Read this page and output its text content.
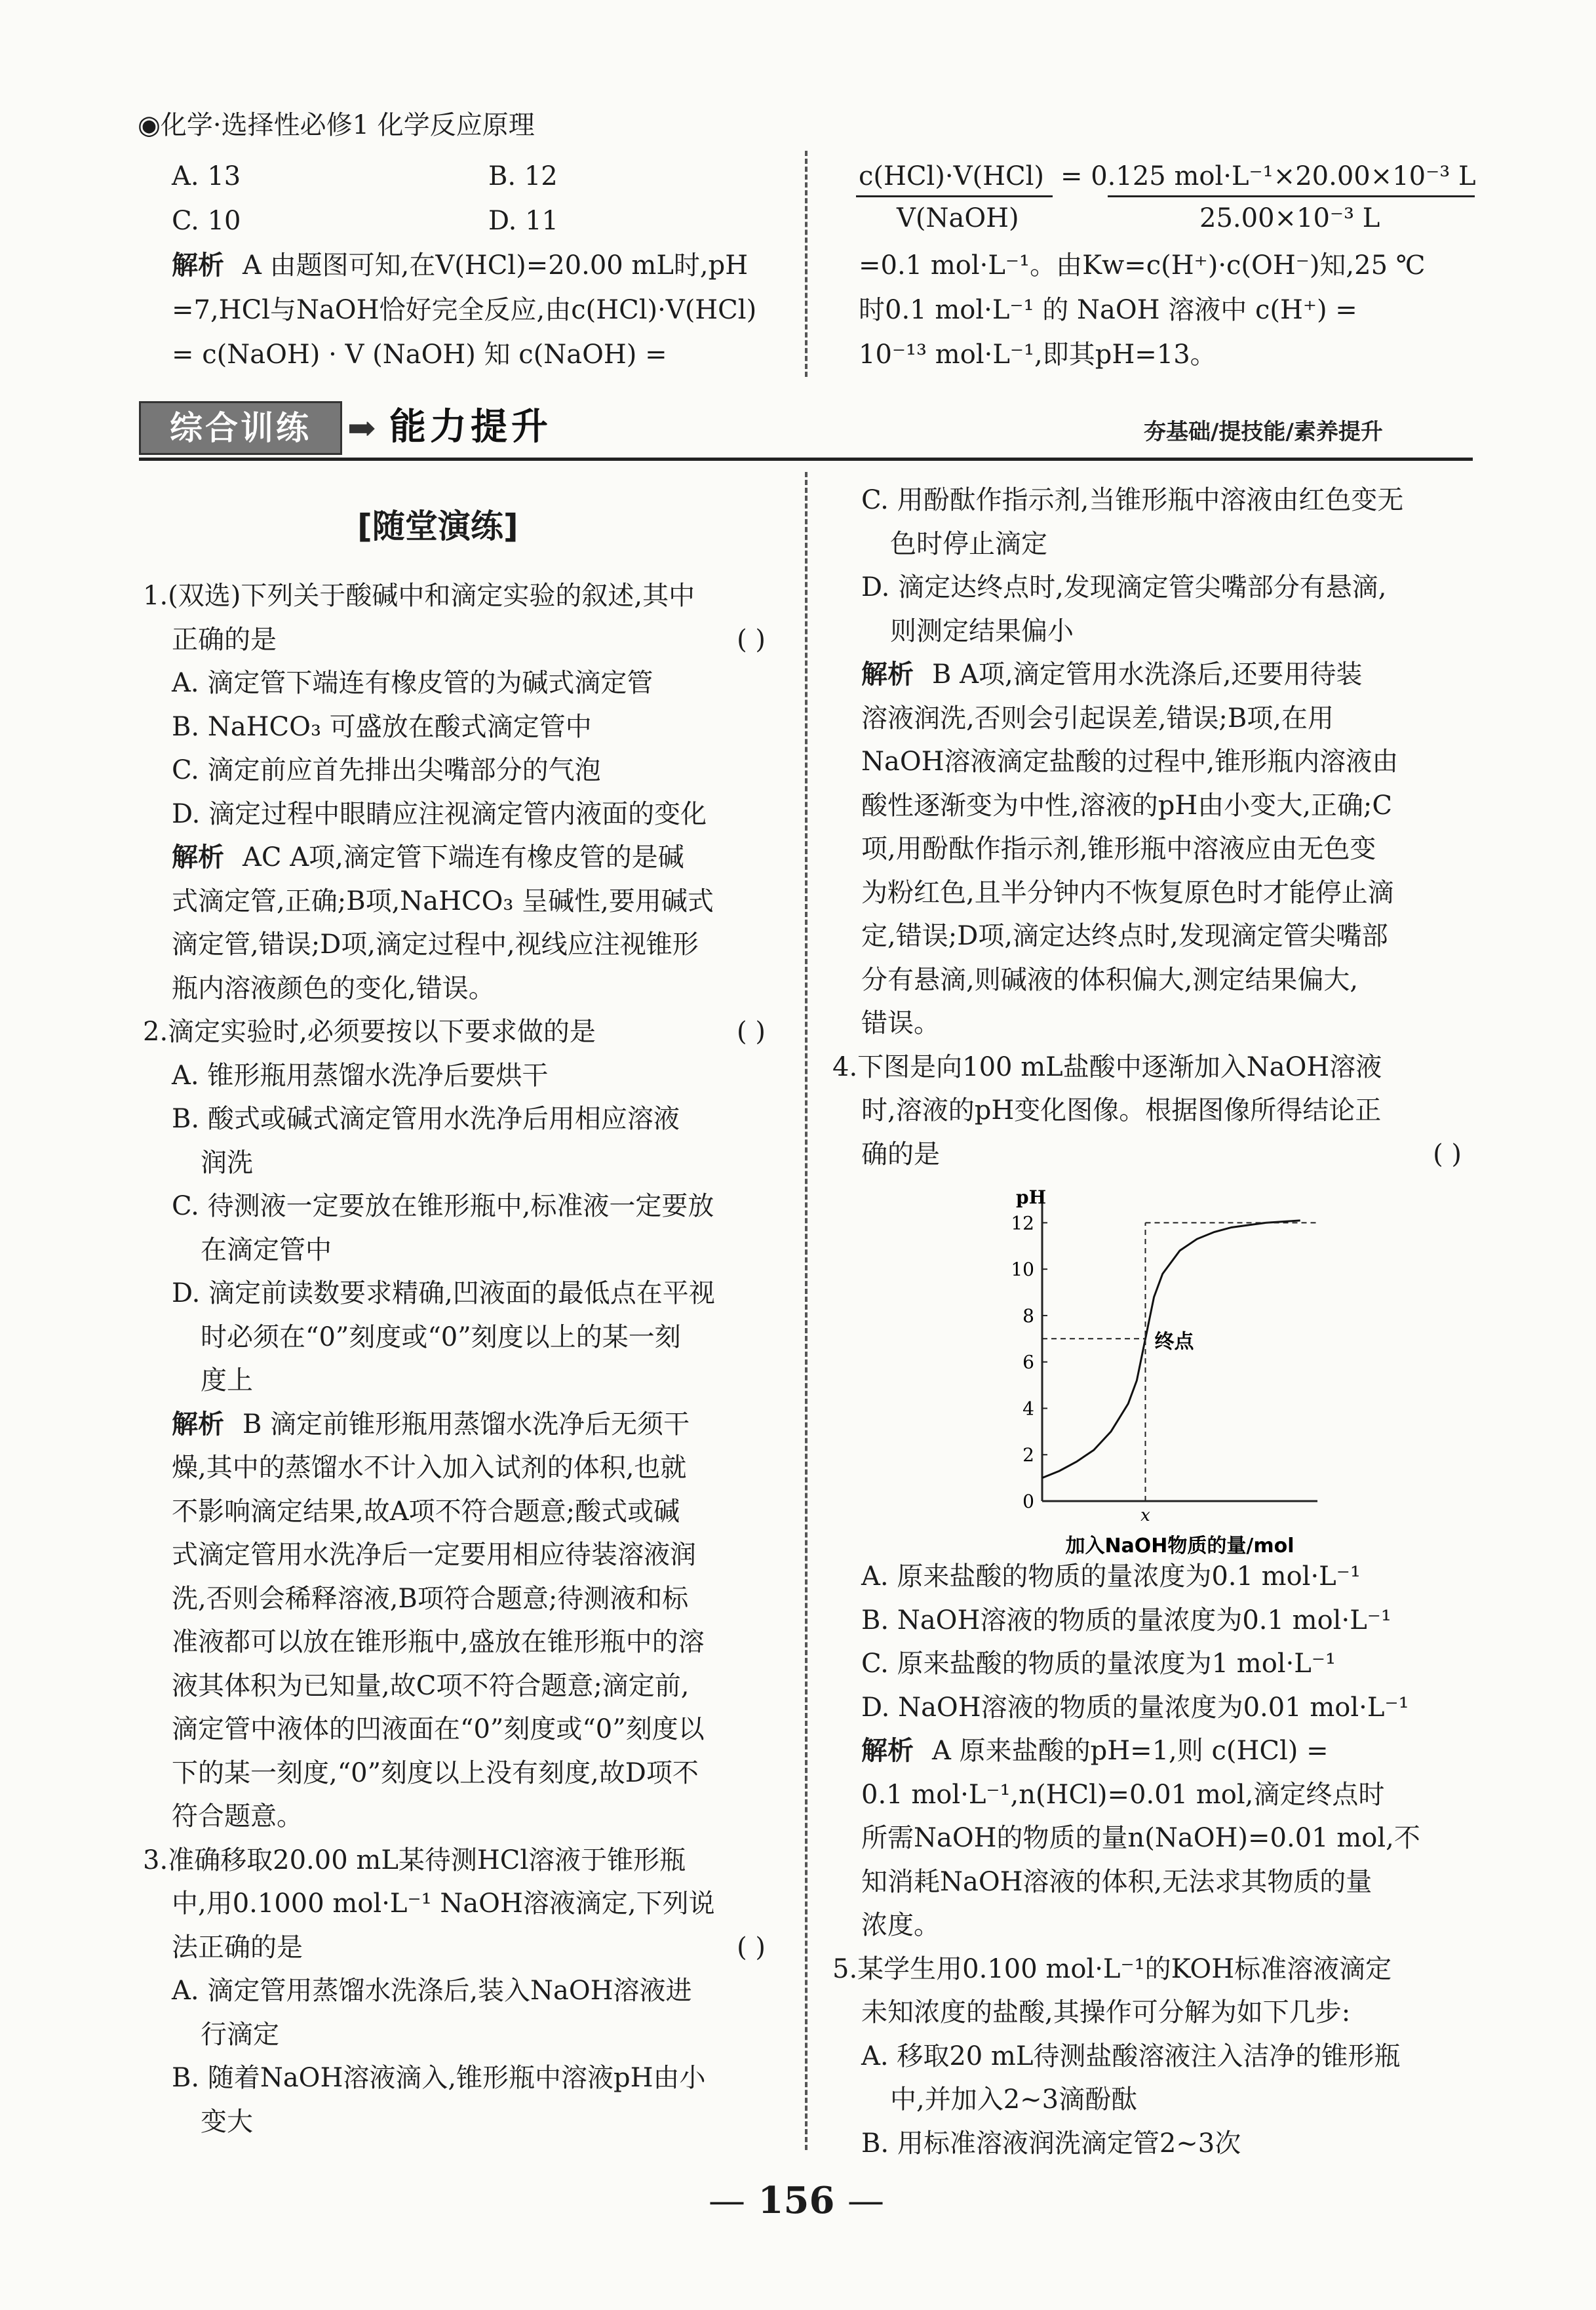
◉化学·选择性必修1 化学反应原理
A. 13	B. 12
C. 10	D. 11
解析 A 由题图可知,在V(HCl)=20.00 mL时,pH
=7,HCl与NaOH恰好完全反应,由c(HCl)·V(HCl)
= c(NaOH) · V (NaOH) 知 c(NaOH) =
c(HCl)·V(HCl)
V(NaOH)
= 0.125 mol·L⁻¹×20.00×10⁻³ L
25.00×10⁻³ L
=0.1 mol·L⁻¹。由Kw=c(H⁺)·c(OH⁻)知,25 ℃
时0.1 mol·L⁻¹ 的 NaOH 溶液中 c(H⁺) =
10⁻¹³ mol·L⁻¹,即其pH=13。
综合训练	➡ 能力提升	夯基础/提技能/素养提升
[随堂演练]

1.(双选)下列关于酸碱中和滴定实验的叙述,其中

正确的是	( )

A. 滴定管下端连有橡皮管的为碱式滴定管

B. NaHCO₃ 可盛放在酸式滴定管中

C. 滴定前应首先排出尖嘴部分的气泡

D. 滴定过程中眼睛应注视滴定管内液面的变化

解析 AC A项,滴定管下端连有橡皮管的是碱

式滴定管,正确;B项,NaHCO₃ 呈碱性,要用碱式

滴定管,错误;D项,滴定过程中,视线应注视锥形

瓶内溶液颜色的变化,错误。

2.滴定实验时,必须要按以下要求做的是	( )

A. 锥形瓶用蒸馏水洗净后要烘干

B. 酸式或碱式滴定管用水洗净后用相应溶液

润洗

C. 待测液一定要放在锥形瓶中,标准液一定要放

在滴定管中

D. 滴定前读数要求精确,凹液面的最低点在平视

时必须在“0”刻度或“0”刻度以上的某一刻

度上

解析 B 滴定前锥形瓶用蒸馏水洗净后无须干

燥,其中的蒸馏水不计入加入试剂的体积,也就

不影响滴定结果,故A项不符合题意;酸式或碱

式滴定管用水洗净后一定要用相应待装溶液润

洗,否则会稀释溶液,B项符合题意;待测液和标

准液都可以放在锥形瓶中,盛放在锥形瓶中的溶

液其体积为已知量,故C项不符合题意;滴定前,

滴定管中液体的凹液面在“0”刻度或“0”刻度以

下的某一刻度,“0”刻度以上没有刻度,故D项不

符合题意。

3.准确移取20.00 mL某待测HCl溶液于锥形瓶

中,用0.1000 mol·L⁻¹ NaOH溶液滴定,下列说

法正确的是	( )

A. 滴定管用蒸馏水洗涤后,装入NaOH溶液进

行滴定

B. 随着NaOH溶液滴入,锥形瓶中溶液pH由小

变大

C. 用酚酞作指示剂,当锥形瓶中溶液由红色变无

色时停止滴定

D. 滴定达终点时,发现滴定管尖嘴部分有悬滴,

则测定结果偏小

解析 B A项,滴定管用水洗涤后,还要用待装

溶液润洗,否则会引起误差,错误;B项,在用

NaOH溶液滴定盐酸的过程中,锥形瓶内溶液由

酸性逐渐变为中性,溶液的pH由小变大,正确;C

项,用酚酞作指示剂,锥形瓶中溶液应由无色变

为粉红色,且半分钟内不恢复原色时才能停止滴

定,错误;D项,滴定达终点时,发现滴定管尖嘴部

分有悬滴,则碱液的体积偏大,测定结果偏大,

错误。

4.下图是向100 mL盐酸中逐渐加入NaOH溶液

时,溶液的pH变化图像。根据图像所得结论正

确的是	( )

pH
0
2
4
6
8
10
12
终点
x
加入NaOH物质的量/mol

A. 原来盐酸的物质的量浓度为0.1 mol·L⁻¹

B. NaOH溶液的物质的量浓度为0.1 mol·L⁻¹

C. 原来盐酸的物质的量浓度为1 mol·L⁻¹

D. NaOH溶液的物质的量浓度为0.01 mol·L⁻¹

解析 A 原来盐酸的pH=1,则 c(HCl) =

0.1 mol·L⁻¹,n(HCl)=0.01 mol,滴定终点时

所需NaOH的物质的量n(NaOH)=0.01 mol,不

知消耗NaOH溶液的体积,无法求其物质的量

浓度。

5.某学生用0.100 mol·L⁻¹的KOH标准溶液滴定

未知浓度的盐酸,其操作可分解为如下几步:

A. 移取20 mL待测盐酸溶液注入洁净的锥形瓶

中,并加入2~3滴酚酞

B. 用标准溶液润洗滴定管2~3次

— 156 —
